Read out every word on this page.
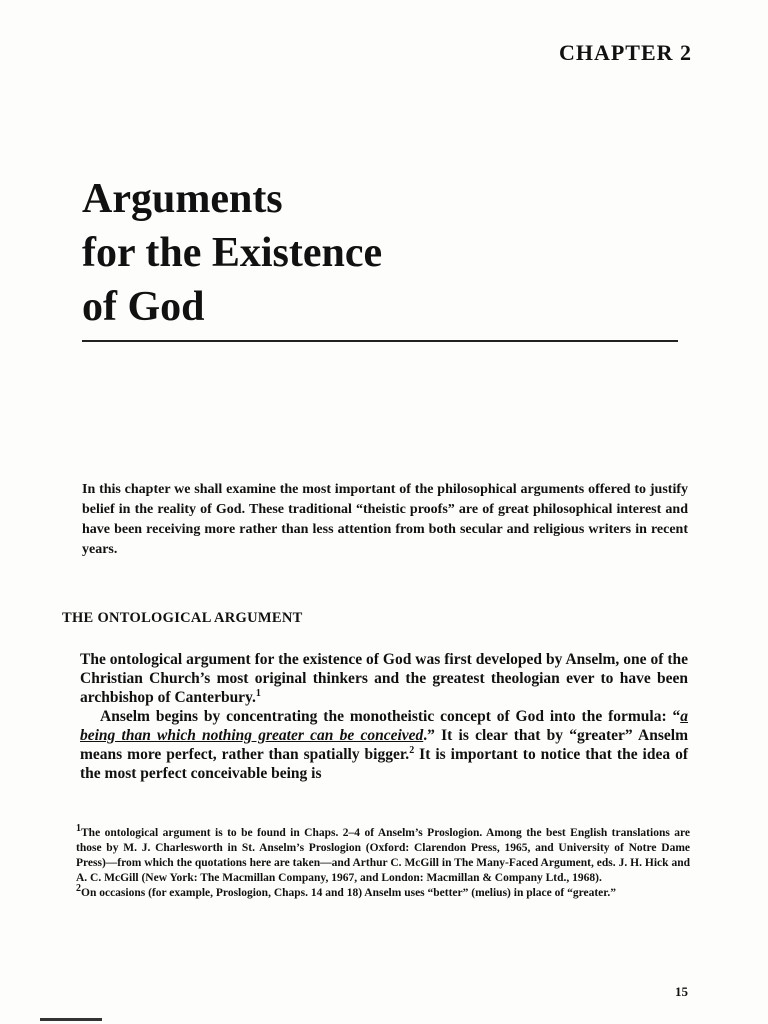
CHAPTER 2
Arguments
for the Existence
of God

In this chapter we shall examine the most important of the philosophical arguments offered to justify belief in the reality of God. These traditional “theistic proofs” are of great philosophical interest and have been receiving more rather than less attention from both secular and religious writers in recent years.

THE ONTOLOGICAL ARGUMENT

The ontological argument for the existence of God was first developed by Anselm, one of the Christian Church’s most original thinkers and the greatest theologian ever to have been archbishop of Canterbury.$^1$

Anselm begins by concentrating the monotheistic concept of God into the formula: “a being than which nothing greater can be conceived.” It is clear that by “greater” Anselm means more perfect, rather than spatially bigger.$^2$ It is important to notice that the idea of the most perfect conceivable being is

$^1$The ontological argument is to be found in Chaps. 2–4 of Anselm’s Proslogion. Among the best English translations are those by M. J. Charlesworth in St. Anselm’s Proslogion (Oxford: Clarendon Press, 1965, and University of Notre Dame Press)—from which the quotations here are taken—and Arthur C. McGill in The Many-Faced Argument, eds. J. H. Hick and A. C. McGill (New York: The Macmillan Company, 1967, and London: Macmillan & Company Ltd., 1968).

$^2$On occasions (for example, Proslogion, Chaps. 14 and 18) Anselm uses “better” (melius) in place of “greater.”

15
